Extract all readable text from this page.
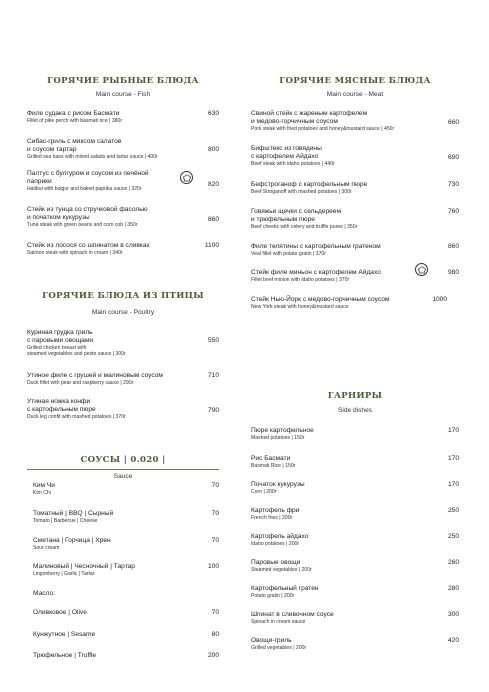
ГОРЯЧИЕ РЫБНЫЕ БЛЮДА
Main course - Fish
Филе судака с рисом Басмати
Fillet of pike perch with basmati rice | 380г
630
Сибас-гриль с миксом салатов
и соусом тартар
Grilled sea bass with mixed salads and tartar sauce | 400г
800
Палтус с булгуром и соусом из печёной
паприки
Halibut with bulgur and baked paprika sauce | 320г
820
Стейк из тунца со стручковой фасолью
и початком кукурузы
Tuna steak with green beans and corn cob | 350г
860
Стейк из лосося со шпинатом в сливках
Salmon steak with spinach in cream | 340г
1100
ГОРЯЧИЕ БЛЮДА ИЗ ПТИЦЫ
Main course - Poultry
Куриная грудка гриль
с паровыми овощами
Grilled chicken breast with
steamed vegetables and pesto sauce | 300г
550
Утиное филе с грушей и малиновым соусом
Duck fillet with pear and raspberry sauce | 290г
710
Утиная ножка конфи
с картофельным пюре
Duck leg confit with mashed potatoes | 370г
790
СОУСЫ | 0.020 |
Sauce
Ким Чи
Kim Chi
70
Томатный | BBQ | Сырный
Tomato | Barbecue | Cheese
70
Сметана | Горчица | Хрен
Sour cream
70
Малиновый | Чесночный | Тартар
Lingonberry | Garlic | Tartar
100
Масло:
Оливковое | Olive	70
Кунжутное | Sesame	80
Трюфельное | Truffle	200
ГОРЯЧИЕ МЯСНЫЕ БЛЮДА
Main course - Meat
Свиной стейк с жареным картофелем
и медово-горчичным соусом
Pork steak with fried potatoes and honey&mustard sauce | 450г
660
Бифштекс из говядины
с картофелем Айдахо
Beef steak with idaho potatoes | 440г
690
Бефстроганоф с картофельным пюре
Beef Stroganoff with mashed potatoes | 300г
730
Говяжьи щечки с сельдереем
и трюфельным пюре
Beef cheeks with celery and truffle puree | 350г
760
Филе телятины с картофельным гратеном
Veal fillet with potato gratin | 370г
860
Стейк филе миньон с картофелем Айдахо
Fillet beef minion with idaho potatoes | 370г
980
Стейк Нью-Йорк с медово-горчичным соусом
New York steak with honey&mustard sauce
1000
ГАРНИРЫ
Side dishes
Пюре картофельное
Mashed potatoes | 150г
170
Рис Басмати
Basmati Rice | 150г
170
Початок кукурузы
Corn | 200г
170
Картофель фри
French fries | 200г
250
Картофель айдахо
Idaho potatoes | 200г
250
Паровые овощи
Steamed vegetables | 200г
260
Картофельный гратен
Potato gratin | 200г
280
Шпинат в сливочном соусе
Spinach in cream sauce
300
Овощи-гриль
Grilled vegetables | 200г
420
